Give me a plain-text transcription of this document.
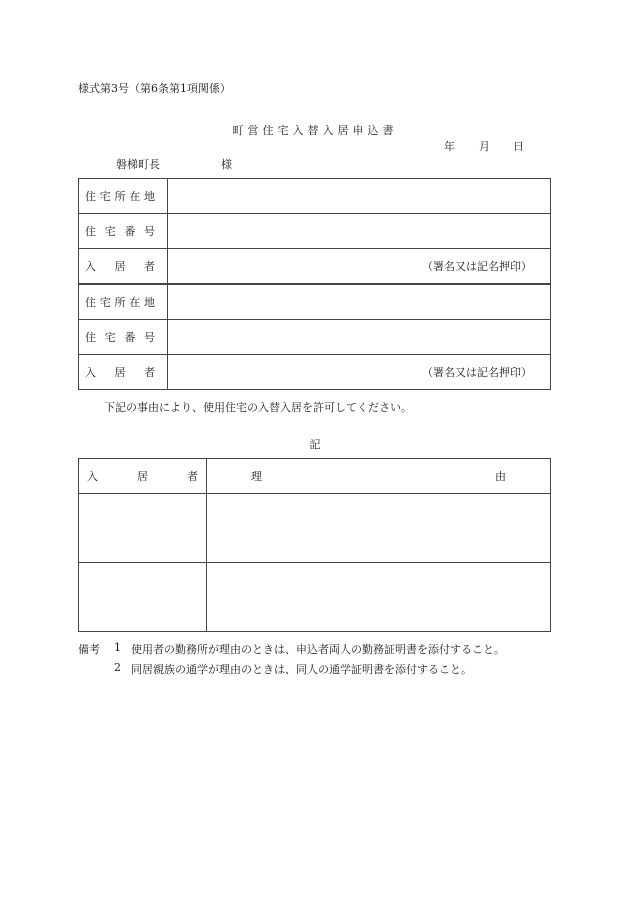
様式第3号（第6条第1項関係）
町営住宅入替入居申込書
年 月 日
磐梯町長	様
住 宅 所 在 地	

住 宅 番 号	

入 居 者	（署名又は記名押印）

住 宅 所 在 地	

住 宅 番 号	

入 居 者	（署名又は記名押印）
下記の事由により、使用住宅の入替入居を許可してください。
記
入 居 者	理 由

備考 1 使用者の勤務所が理由のときは、申込者両人の勤務証明書を添付すること。
2 同居親族の通学が理由のときは、同人の通学証明書を添付すること。
